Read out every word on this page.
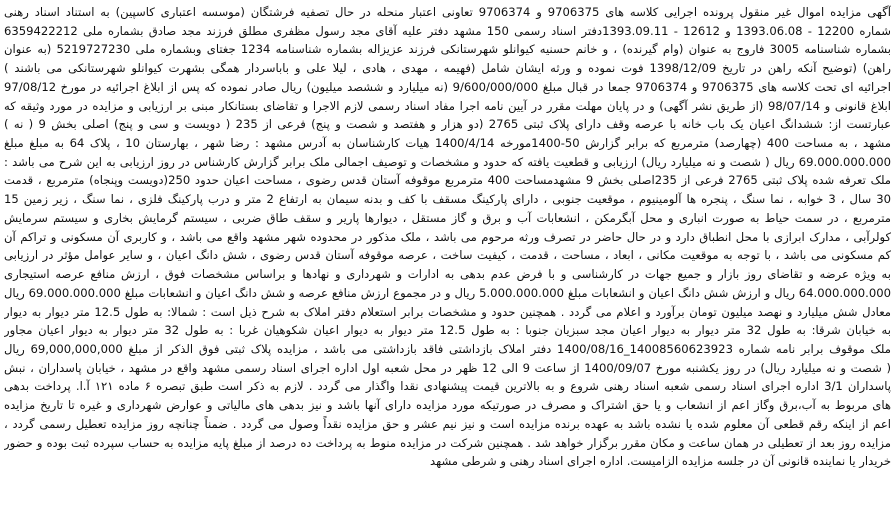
آگهی مزایده اموال غیر منقول پرونده اجرایی کلاسه های 9706375 و 9706374 تعاونی اعتبار منحله در حال تصفیه فرشتگان (موسسه اعتباری کاسپین) به استناد اسناد رهنی
شماره 12200 - 1393.06.08 و 12612 - 1393.09.11دفتر اسناد رسمی 150 مشهد دفتر علیه آقای مجد رسول مظفری مطلق فرزند مجد صادق بشماره ملی 6359422212
بشماره شناسنامه 3005 فاروج به عنوان (وام گیرنده) ، و خانم حسنیه کیوانلو شهرستانکی فرزند عزیزاله بشماره شناسنامه 1234 جغتای وبشماره ملی 5219727230 (به عنوان
راهن) (توضیح آنکه راهن در تاریخ 1398/12/09 فوت نموده و ورثه ایشان شامل (فهیمه ، مهدی ، هادی ، لیلا علی و باباسردار همگی بشهرت کیوانلو شهرستانکی می باشند )
اجرائیه ای تحت کلاسه های 9706375 و 9706374 جمعا در قبال مبلغ 9/600/000/000 (نه میلیارد و ششصد میلیون) ریال صادر نموده که پس از ابلاغ اجرائیه در مورخ 97/08/12
ابلاغ قانونی و 98/07/14 (از طریق نشر آگهی) و در پایان مهلت مقرر در آیین نامه اجرا مفاد اسناد رسمی لازم الاجرا و تقاضای بستانکار مبنی بر ارزیابی و مزایده در مورد وثیقه که
عبارتست از: ششدانگ اعیان یک باب خانه با عرصه وقف دارای پلاک ثبتی 2765 (دو هزار و هفتصد و شصت و پنج) فرعی از 235 ( دویست و سی و پنج) اصلی بخش 9 ( نه )
مشهد ، به مساحت 400 (چهارصد) مترمربع که برابر گزارش 50-1400مورخه 1400/4/14 هیات کارشناسان به آدرس مشهد : رضا شهر ، بهارستان 10 ، پلاک 64 به مبلغ مبلغ
69.000.000.000 ریال ( شصت و نه میلیارد ریال) ارزیابی و قطعیت یافته که حدود و مشخصات و توصیف اجمالی ملک برابر گزارش کارشناس در روز ارزیابی به این شرح می باشد :
ملک تعرفه شده پلاک ثبتی 2765 فرعی از 235اصلی بخش 9 مشهدمساحت 400 مترمربع موقوفه آستان قدس رضوی ، مساحت اعیان حدود 250(دویست وپنجاه) مترمربع ، قدمت
30 سال ، 3 خوابه ، نما سنگ ، پنجره ها آلومینیوم ، موقعیت جنوبی ، دارای پارکینگ مسقف با کف و بدنه سیمان به ارتفاع 2 متر و درب پارکینگ فلزی ، نما سنگ ، زیر زمین 15
مترمربع ، در سمت حیاط به صورت انباری و محل آبگرمکن ، انشعابات آب و برق و گاز مستقل ، دیوارها پاریر و سقف طاق ضربی ، سیستم گرمایش بخاری و سیستم سرمایش
کولرآبی ، مدارک ابرازی با محل انطباق دارد و در حال حاضر در تصرف ورثه مرحوم می باشد ، ملک مذکور در محدوده شهر مشهد واقع می باشد ، و کاربری آن مسکونی و تراکم آن
کم مسکونی می باشد ، با توجه به موقعیت مکانی ، ابعاد ، مساحت ، قدمت ، کیفیت ساخت ، عرصه موقوفه آستان قدس رضوی ، شش دانگ اعیان ، و سایر عوامل مؤثر در ارزیابی
به ویژه عرضه و تقاضای روز بازار و جمیع جهات در کارشناسی و با فرض عدم بدهی به ادارات و شهرداری و نهادها و براساس مشخصات فوق ، ارزش منافع عرصه استیجاری
64.000.000.000 ریال و ارزش شش دانگ اعیان و انشعابات مبلغ 5.000.000.000 ریال و در مجموع ارزش منافع عرصه و شش دانگ اعیان و انشعابات مبلغ 69.000.000.000 ریال
معادل شش میلیارد و نهصد میلیون تومان برآورد و اعلام می گردد . همچنین حدود و مشخصات برابر استعلام دفتر املاک به شرح ذیل است : شمالا: به طول 12.5 متر دیوار به دیوار
به خیابان شرقا: به طول 32 متر دیوار به دیوار اعیان مجد سبزیان جنوبا : به طول 12.5 متر دیوار به دیوار اعیان شکوهیان غربا : به طول 32 متر دیوار به دیوار اعیان مجاور
ملک موقوف برابر نامه شماره 14008560623923_1400/08/16 دفتر املاک بازداشتی فاقد بازداشتی می باشد ، مزایده پلاک ثبتی فوق الذکر از مبلغ 69,000,000,000 ریال
( شصت و نه میلیارد ریال) در روز یکشنبه مورخ 1400/09/07 از ساعت 9 الی 12 ظهر در محل شعبه اول اداره اجرای اسناد رسمی مشهد واقع در مشهد ، خیابان پاسداران ، نبش
پاسداران 3/1 اداره اجرای اسناد رسمی شعبه اسناد رهنی شروع و به بالاترین قیمت پیشنهادی نقدا واگذار می گردد . لازم به ذکر است طبق تبصره ۶ ماده ۱۲۱ آ.ا. پرداخت بدهی
های مربوط به آب،برق وگاز اعم از انشعاب و یا حق اشتراک و مصرف در صورتیکه مورد مزایده دارای آنها باشد و نیز بدهی های مالیاتی و عوارض شهرداری و غیره تا تاریخ مزایده
اعم از اینکه رقم قطعی آن معلوم شده یا نشده باشد به عهده برنده مزایده است و نیز نیم عشر و حق مزایده نقداً وصول می گردد . ضمناً چنانچه روز مزایده تعطیل رسمی گردد ،
مزایده روز بعد از تعطیلی در همان ساعت و مکان مقرر برگزار خواهد شد . همچنین شرکت در مزایده منوط به پرداخت ده درصد از مبلغ پایه مزایده به حساب سپرده ثبت بوده و حضور
خریدار یا نماینده قانونی آن در جلسه مزایده الزامیست. اداره اجرای اسناد رهنی و شرطی مشهد
